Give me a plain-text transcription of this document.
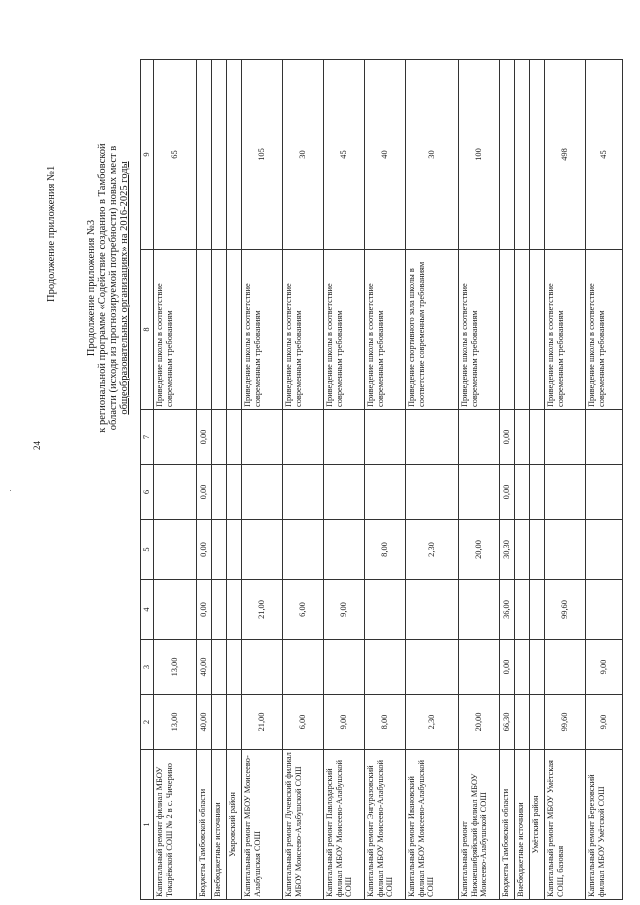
24
Продолжение приложения №1	Продолжение приложения №3 к региональной программе «Содействие созданию в Тамбовской области (исходя из прогнозируемой потребности) новых мест в общеобразовательных организациях» на 2016-2025 годы
1	2	3	4	5	6	7	8	9
Капитальный ремонт филиал МБОУ Токарёвской СОШ № 2 в с. Чичерино	13,00	13,00					Приведение школы в соответствие современным требованиям	65
Бюджеты Тамбовской области	40,00	40,00	0,00	0,00	0,00	0,00		
Внебюджетные источники								
Уваровский район								
Капитальный ремонт МБОУ Моисеево-Алабушская СОШ	21,00		21,00				Приведение школы в соответствие современным требованиям	105
Капитальный ремонт Лучевский филиал МБОУ Моисеево-Алабушской СОШ	6,00		6,00				Приведение школы в соответствие современным требованиям	30
Капитальный ремонт Павлодарский филиал МБОУ Моисеево-Алабушской СОШ	9,00		9,00				Приведение школы в соответствие современным требованиям	45
Капитальный ремонт Энгуразовский филиал МБОУ Моисеево-Алабушской СОШ	8,00			8,00			Приведение школы в соответствие современным требованиям	40
Капитальный ремонт Ивановский филиал МБОУ Моисеево-Алабушской СОШ	2,30			2,30			Приведение спортивного зала школы в соответствие современным требованиям	30
Капитальный ремонт Нижнешибряйский филиал МБОУ Моисеево-Алабушской СОШ	20,00			20,00			Приведение школы в соответствие современным требованиям	100
Бюджеты Тамбовской области	66,30	0,00	36,00	30,30	0,00	0,00		
Внебюджетные источники								
Умётский район								
Капитальный ремонт МБОУ Умётская СОШ, базовая	99,60		99,60				Приведение школы в соответствие современным требованиям	498
Капитальный ремонт Березовский филиал МБОУ Умётской СОШ	9,00	9,00					Приведение школы в соответствие современным требованиям	45
